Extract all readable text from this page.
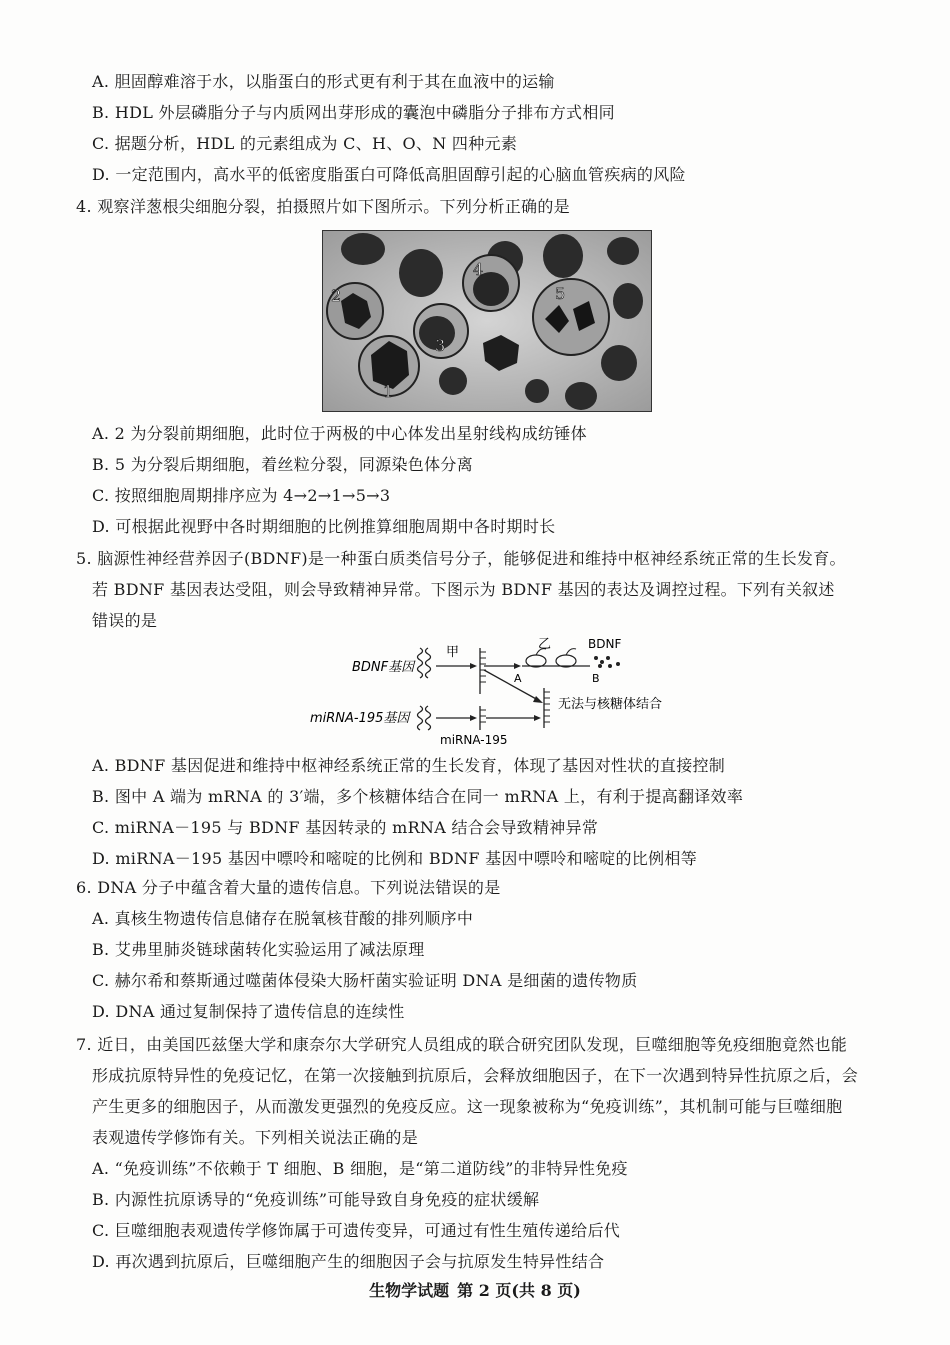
A. 胆固醇难溶于水，以脂蛋白的形式更有利于其在血液中的运输
B. HDL 外层磷脂分子与内质网出芽形成的囊泡中磷脂分子排布方式相同
C. 据题分析，HDL 的元素组成为 C、H、O、N 四种元素
D. 一定范围内，高水平的低密度脂蛋白可降低高胆固醇引起的心脑血管疾病的风险
4. 观察洋葱根尖细胞分裂，拍摄照片如下图所示。下列分析正确的是
2
1
3
4
5
A. 2 为分裂前期细胞，此时位于两极的中心体发出星射线构成纺锤体
B. 5 为分裂后期细胞，着丝粒分裂，同源染色体分离
C. 按照细胞周期排序应为 4→2→1→5→3
D. 可根据此视野中各时期细胞的比例推算细胞周期中各时期时长
5. 脑源性神经营养因子(BDNF)是一种蛋白质类信号分子，能够促进和维持中枢神经系统正常的生长发育。
若 BDNF 基因表达受阻，则会导致精神异常。下图示为 BDNF 基因的表达及调控过程。下列有关叙述
错误的是
BDNF基因
甲
A	B
乙	BDNF
无法与核糖体结合
miRNA-195基因
miRNA-195
A. BDNF 基因促进和维持中枢神经系统正常的生长发育，体现了基因对性状的直接控制
B. 图中 A 端为 mRNA 的 3′端，多个核糖体结合在同一 mRNA 上，有利于提高翻译效率
C. miRNA－195 与 BDNF 基因转录的 mRNA 结合会导致精神异常
D. miRNA－195 基因中嘌呤和嘧啶的比例和 BDNF 基因中嘌呤和嘧啶的比例相等
6. DNA 分子中蕴含着大量的遗传信息。下列说法错误的是
A. 真核生物遗传信息储存在脱氧核苷酸的排列顺序中
B. 艾弗里肺炎链球菌转化实验运用了减法原理
C. 赫尔希和蔡斯通过噬菌体侵染大肠杆菌实验证明 DNA 是细菌的遗传物质
D. DNA 通过复制保持了遗传信息的连续性
7. 近日，由美国匹兹堡大学和康奈尔大学研究人员组成的联合研究团队发现，巨噬细胞等免疫细胞竟然也能
形成抗原特异性的免疫记忆，在第一次接触到抗原后，会释放细胞因子，在下一次遇到特异性抗原之后，会
产生更多的细胞因子，从而激发更强烈的免疫反应。这一现象被称为“免疫训练”，其机制可能与巨噬细胞
表观遗传学修饰有关。下列相关说法正确的是
A. “免疫训练”不依赖于 T 细胞、B 细胞，是“第二道防线”的非特异性免疫
B. 内源性抗原诱导的“免疫训练”可能导致自身免疫的症状缓解
C. 巨噬细胞表观遗传学修饰属于可遗传变异，可通过有性生殖传递给后代
D. 再次遇到抗原后，巨噬细胞产生的细胞因子会与抗原发生特异性结合
生物学试题 第 2 页(共 8 页)
